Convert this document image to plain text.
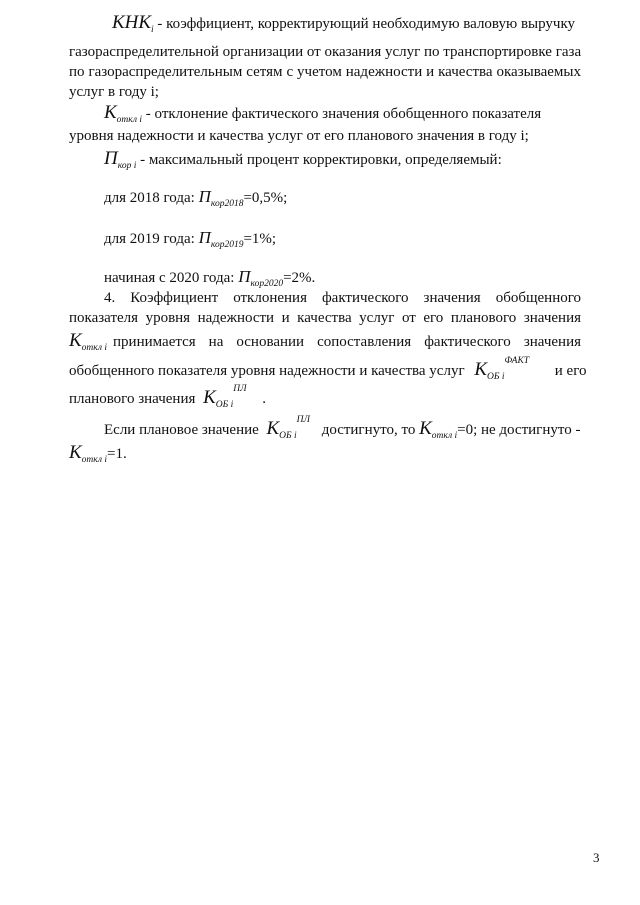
$КНК_i$ - коэффициент, корректирующий необходимую валовую выручку
газораспределительной организации от оказания услуг по транспортировке газа
по газораспределительным сетям с учетом надежности и качества оказываемых
услуг в году i;
$К_{откл i}$ - отклонение фактического значения обобщенного показателя
уровня надежности и качества услуг от его планового значения в году i;
$П_{кор i}$ - максимальный процент корректировки, определяемый:
для 2018 года: $П_{кор2018}=0,5\%$;
для 2019 года: $П_{кор2019}=1\%$;
начиная с 2020 года: $П_{кор2020}=2\%$.
4. Коэффициент отклонения фактического значения обобщенного
показателя уровня надежности и качества услуг от его планового значения
$К_{откл i}$ принимается на основании сопоставления фактического значения
обобщенного показателя уровня надежности и качества услуг $К_{ОБ i}^{ФАКТ}$ и его
планового значения $К_{ОБ i}^{ПЛ}$ .
Если плановое значение $К_{ОБ i}^{ПЛ}$ достигнуто, то $К_{откл i}=0$; не достигнуто -
$К_{откл i}=1$.
3
